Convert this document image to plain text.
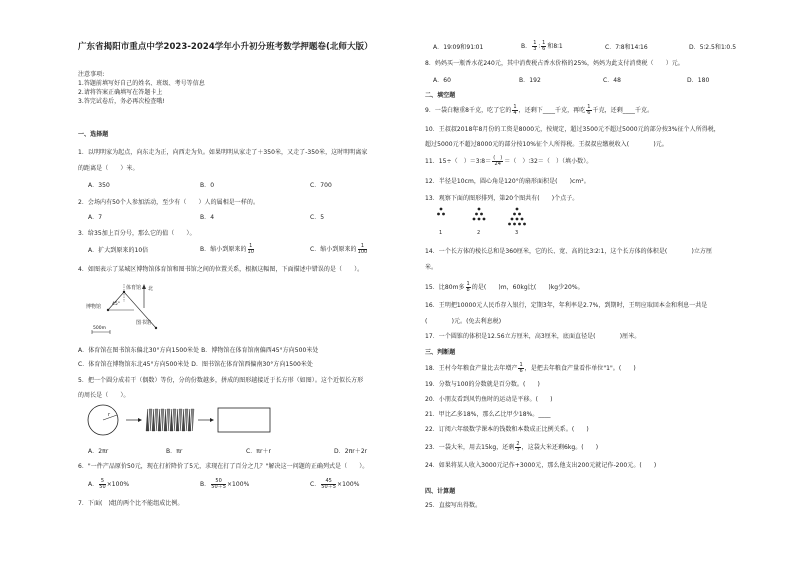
广东省揭阳市重点中学2023-2024学年小升初分班考数学押题卷(北师大版）
注意事项:
1.答题前填写好自己的姓名、班级、考号等信息
2.请将答案正确填写在答题卡上
3.答完试卷后，务必再次检查哦!
一、选择题
1．以明明家为起点，向东走为正，向西走为负。如果明明从家走了＋350米，又走了-350米，这时明明离家
的距离是（　　）米。
A．350	B．0	C．700
2．会场内有50个人参加活动，至少有（　　）人的属相是一样的。
A．7	B．4	C．5
3．给35加上百分号，那么它的值（　　）。
A．扩大到原来的10倍	B．缩小到原来的 $\frac{1}{10}$	C．缩小到原来的 $\frac{1}{100}$
4．如图表示了某城区博物馆体育馆和图书馆之间的位置关系，根据这幅图，下面描述中错误的是（　　）。
北
体育馆
博物馆
图书馆
45°
500m
A．体育馆在图书馆东偏北30°方向1500米处 B．博物馆在体育馆南偏西45°方向500米处
C．体育馆在博物馆东北45°方向500米处 D．图书馆在体育馆西偏南30°方向1500米处
5．把一个圆分成若干（偶数）等份，分的份数越多，拼成的图形越接近于长方形（如图）。这个近似长方形
的周长是（　　）。
r
A．2πr	B．πr	C．πr＋r	D．2πr＋2r
6．"一件产品原价50元，现在打折降价了5元，求现在打了百分之几？"解决这一问题的正确列式是（　　）。
A． $\frac{5}{50} \times 100\%$	B． $\frac{50}{50+5} \times 100\%$	C． $\frac{45}{50+5} \times 100\%$
7．下面(　)组的两个比不能组成比例。
A．19∶09和91∶01	B． $\frac{1}{3}$ ∶ $\frac{1}{6}$ 和8∶1	C．7∶8和14∶16	D．5∶2.5和1∶0.5
8．妈妈买一瓶香水花240元，其中消费税占香水价格的25%，妈妈为此支付消费税（　　）元。
A．60	B．192	C．48	D．180
二、填空题
9．一袋白糖重8千克，吃了它的 $\frac{1}{4}$ ，还剩下____千克，再吃 $\frac{1}{6}$ 千克，还剩____千克。
10．王叔叔2018年8月份的工资是8000元，按规定，超过3500元不超过5000元的部分按3%征个人所得税，
超过5000元不超过8000元的部分按10%征个人所得税。王叔叔应缴税收入(　　　　)元。
11．15÷（　）＝3∶8＝ $\frac{( )}{24}$ ＝（　）∶32＝（　）（填小数）。
12．半径是10cm，圆心角是120°的扇形面积是(　　)cm²。
13．观察下面的图形排列，第20个图共有(　　)个点子。
1	2	3
14．一个长方体的棱长总和是360厘米，它的长、宽、高的比3∶2∶1，这个长方体的体积是(　　　　)立方厘
米。
15．比80m多 $\frac{1}{8}$ 的是(　　)m，60kg比(　　)kg少20%。
16．王明把10000元人民币存入银行，定期3年，年利率是2.7%，到期时，王明应取回本金和利息一共是
(　　　　)元。(免去利息税)
17．一个圆锥的体积是12.56立方厘米，高3厘米，底面直径是(　　　　)厘米。
三、判断题
18．王村今年粮食产量比去年增产 $\frac{1}{6}$ ，是把去年粮食产量看作单位"1"。(　　)
19．分数与100的分数就是百分数。(　　)
20．小朋友看到风钓鱼时的运动是平移。(　　)
21．甲比乙多18%，那么乙比甲少18%。____
22．订阅六年级数学课本的钱数和本数成正比例关系。(　　)
23．一袋大米，用去15kg，还剩 $\frac{2}{3}$ ，这袋大米还剩6kg。(　　)
24．如果将某人收入3000元记作+3000元，那么他支出200元就记作-200元。(　　)
四、计算题
25．直接写出得数。
